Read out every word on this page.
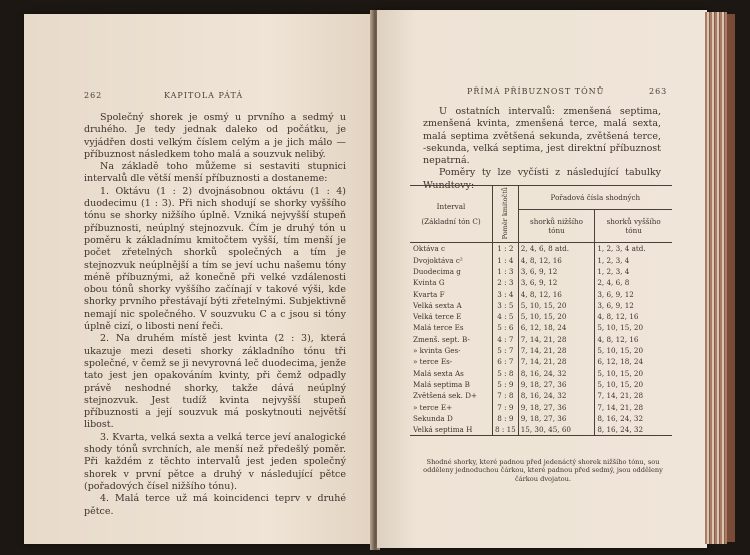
262	KAPITOLA PÁTÁ

Společný shorek je osmý u prvního a sedmý u druhého. Je tedy jednak daleko od počátku, je vyjádřen dosti velkým číslem celým a je jich málo — příbuznost následkem toho malá a souzvuk nelibý.

Na základě toho můžeme si sestaviti stupnici intervalů dle větší menší příbuznosti a dostaneme:

1. Oktávu (1 : 2) dvojnásobnou oktávu (1 : 4) duodecimu (1 : 3). Při nich shodují se shorky vyššího tónu se shorky nižšího úplně. Vzniká nejvyšší stupeň příbuznosti, neúplný stejnozvuk. Čím je druhý tón u poměru k základnímu kmitočtem vyšší, tím menší je počet zřetelných shorků společných a tím je stejnozvuk neúplnější a tím se jeví uchu našemu tóny méně příbuznými, až konečně při velké vzdálenosti obou tónů shorky vyššího začínají v takové výši, kde shorky prvního přestávají býti zřetelnými. Subjektivně nemají nic společného. V souzvuku C a c jsou si tóny úplně cizí, o libosti není řeči.

2. Na druhém místě jest kvinta (2 : 3), která ukazuje mezi deseti shorky základního tónu tři společné, v čemž se ji nevyrovná leč duodecima, jenže tato jest jen opakováním kvinty, při čemž odpadly právě neshodné shorky, takže dává neúplný stejnozvuk. Jest tudíž kvinta nejvyšší stupeň příbuznosti a její souzvuk má poskytnouti největší libost.

3. Kvarta, velká sexta a velká terce jeví analogické shody tónů svrchních, ale menší než předešlý poměr. Při každém z těchto intervalů jest jeden společný shorek v první pětce a druhý v následující pětce (pořadových čísel nižšího tónu).

4. Malá terce už má koincidenci teprv v druhé pětce.

PŘÍMÁ PŘÍBUZNOST TÓNŮ	263

U ostatních intervalů: zmenšená septima, zmenšená kvinta, zmenšená terce, malá sexta, malá septima zvětšená sekunda, zvětšená terce, -sekunda, velká septima, jest direktní příbuznost nepatrná.

Poměry ty lze vyčísti z následující tabulky Wundtovy:

Interval
(Základní tón C)	Poměr kmitočtů	Pořadová čísla shodných	
		shorků nižšího tónu	shorků vyššího tónu
Oktáva c	1 : 2	2, 4, 6, 8 atd.	1, 2, 3, 4 atd.
Dvojoktáva c²	1 : 4	4, 8, 12, 16	1, 2, 3, 4
Duodecima g	1 : 3	3, 6, 9, 12	1, 2, 3, 4
Kvinta G	2 : 3	3, 6, 9, 12	2, 4, 6, 8
Kvarta F	3 : 4	4, 8, 12, 16	3, 6, 9, 12
Velká sexta A	3 : 5	5, 10, 15, 20	3, 6, 9, 12
Velká terce E	4 : 5	5, 10, 15, 20	4, 8, 12, 16
Malá terce Es	5 : 6	6, 12, 18, 24	5, 10, 15, 20
Zmenš. sept. B-	4 : 7	7, 14, 21, 28	4, 8, 12, 16
» kvinta Ges-	5 : 7	7, 14, 21, 28	5, 10, 15, 20
» terce Es-	6 : 7	7, 14, 21, 28	6, 12, 18, 24
Malá sexta As	5 : 8	8, 16, 24, 32	5, 10, 15, 20
Malá septima B	5 : 9	9, 18, 27, 36	5, 10, 15, 20
Zvětšená sek. D+	7 : 8	8, 16, 24, 32	7, 14, 21, 28
» terce E+	7 : 9	9, 18, 27, 36	7, 14, 21, 28
Sekunda D	8 : 9	9, 18, 27, 36	8, 16, 24, 32
Velká septima H	8 : 15	15, 30, 45, 60	8, 16, 24, 32
Shodné shorky, které padnou před jedenáctý shorek nižšího tónu, sou odděleny jednoduchou čárkou, které padnou před sedmý, jsou odděleny čárkou dvojatou.
